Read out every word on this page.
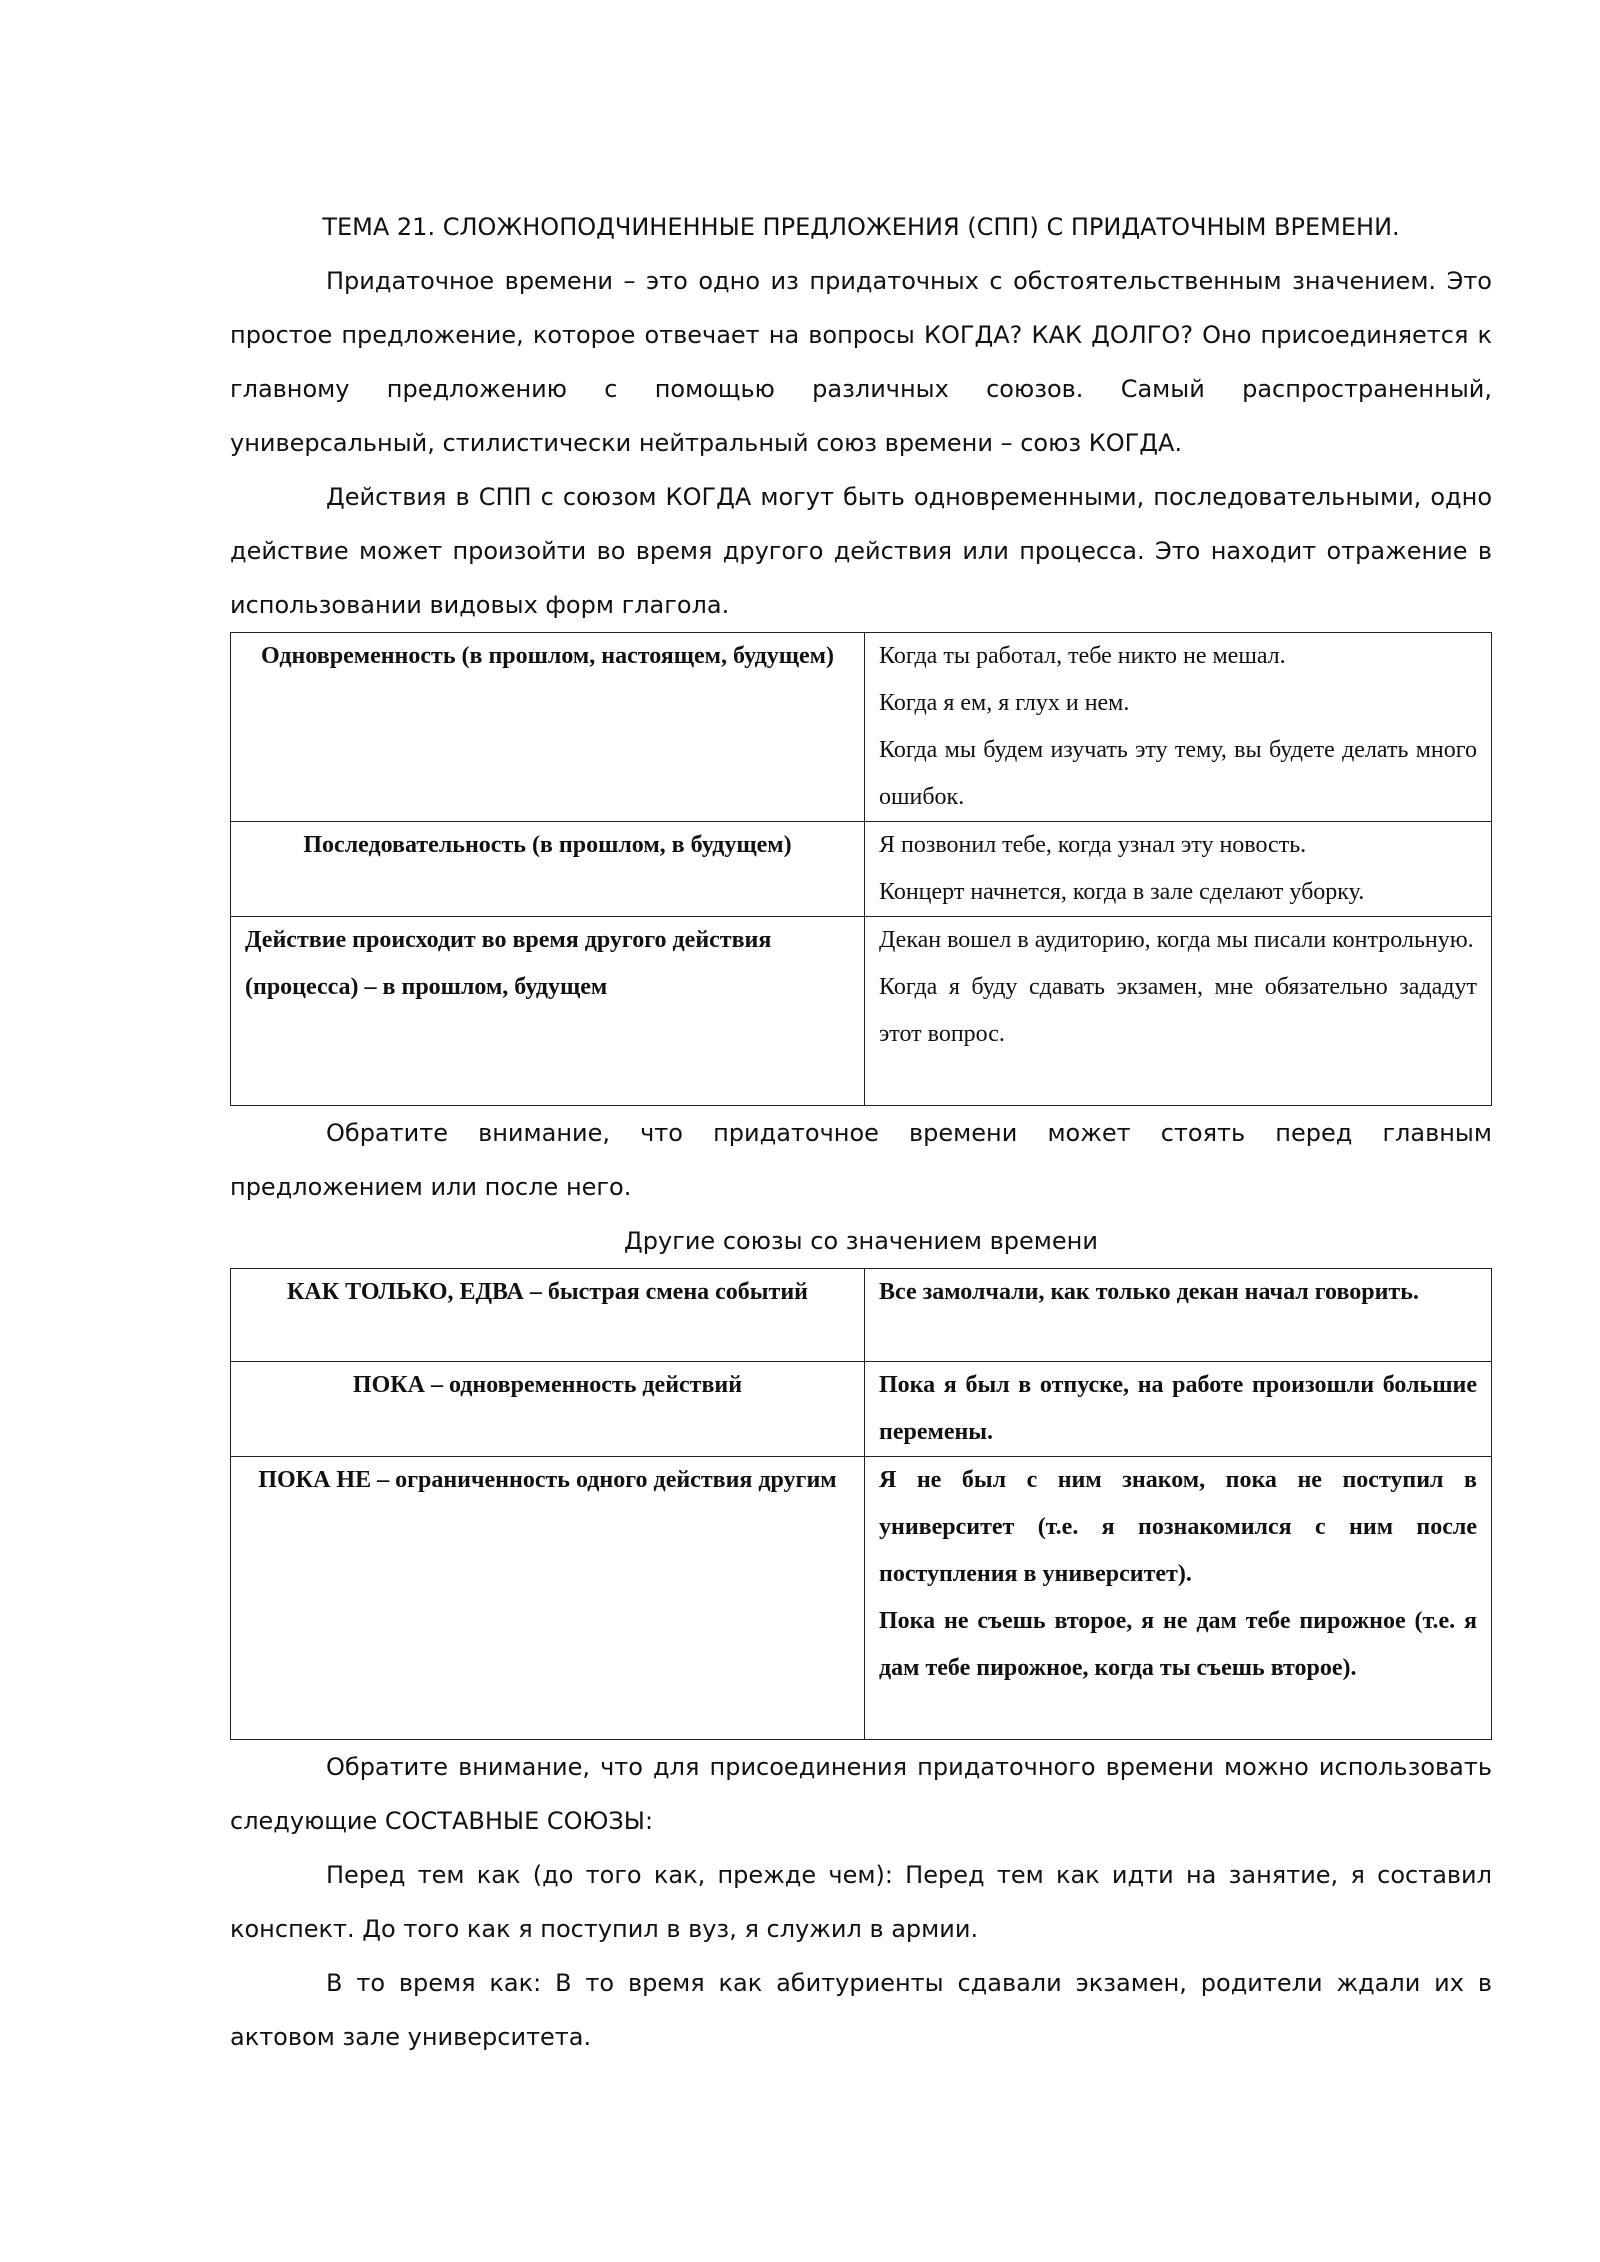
ТЕМА 21. СЛОЖНОПОДЧИНЕННЫЕ ПРЕДЛОЖЕНИЯ (СПП) С ПРИДАТОЧНЫМ ВРЕМЕНИ.

Придаточное времени – это одно из придаточных с обстоятельственным значением. Это простое предложение, которое отвечает на вопросы КОГДА? КАК ДОЛГО? Оно присоединяется к главному предложению с помощью различных союзов. Самый распространенный, универсальный, стилистически нейтральный союз времени – союз КОГДА.

Действия в СПП с союзом КОГДА могут быть одновременными, последовательными, одно действие может произойти во время другого действия или процесса. Это находит отражение в использовании видовых форм глагола.

Одновременность (в прошлом, настоящем, будущем)	Когда ты работал, тебе никто не мешал.
Когда я ем, я глух и нем.
Когда мы будем изучать эту тему, вы будете делать много ошибок.

Последовательность (в прошлом, в будущем)	Я позвонил тебе, когда узнал эту новость.
Концерт начнется, когда в зале сделают уборку.

Действие происходит во время другого действия (процесса) – в прошлом, будущем	Декан вошел в аудиторию, когда мы писали контрольную.
Когда я буду сдавать экзамен, мне обязательно зададут этот вопрос.

Обратите внимание, что придаточное времени может стоять перед главным предложением или после него.

Другие союзы со значением времени

КАК ТОЛЬКО, ЕДВА – быстрая смена событий	Все замолчали, как только декан начал говорить.

ПОКА – одновременность действий	Пока я был в отпуске, на работе произошли большие перемены.

ПОКА НЕ – ограниченность одного действия другим	Я не был с ним знаком, пока не поступил в университет (т.е. я познакомился с ним после поступления в университет).
Пока не съешь второе, я не дам тебе пирожное (т.е. я дам тебе пирожное, когда ты съешь второе).

Обратите внимание, что для присоединения придаточного времени можно использовать следующие СОСТАВНЫЕ СОЮЗЫ:

Перед тем как (до того как, прежде чем): Перед тем как идти на занятие, я составил конспект. До того как я поступил в вуз, я служил в армии.

В то время как: В то время как абитуриенты сдавали экзамен, родители ждали их в актовом зале университета.
